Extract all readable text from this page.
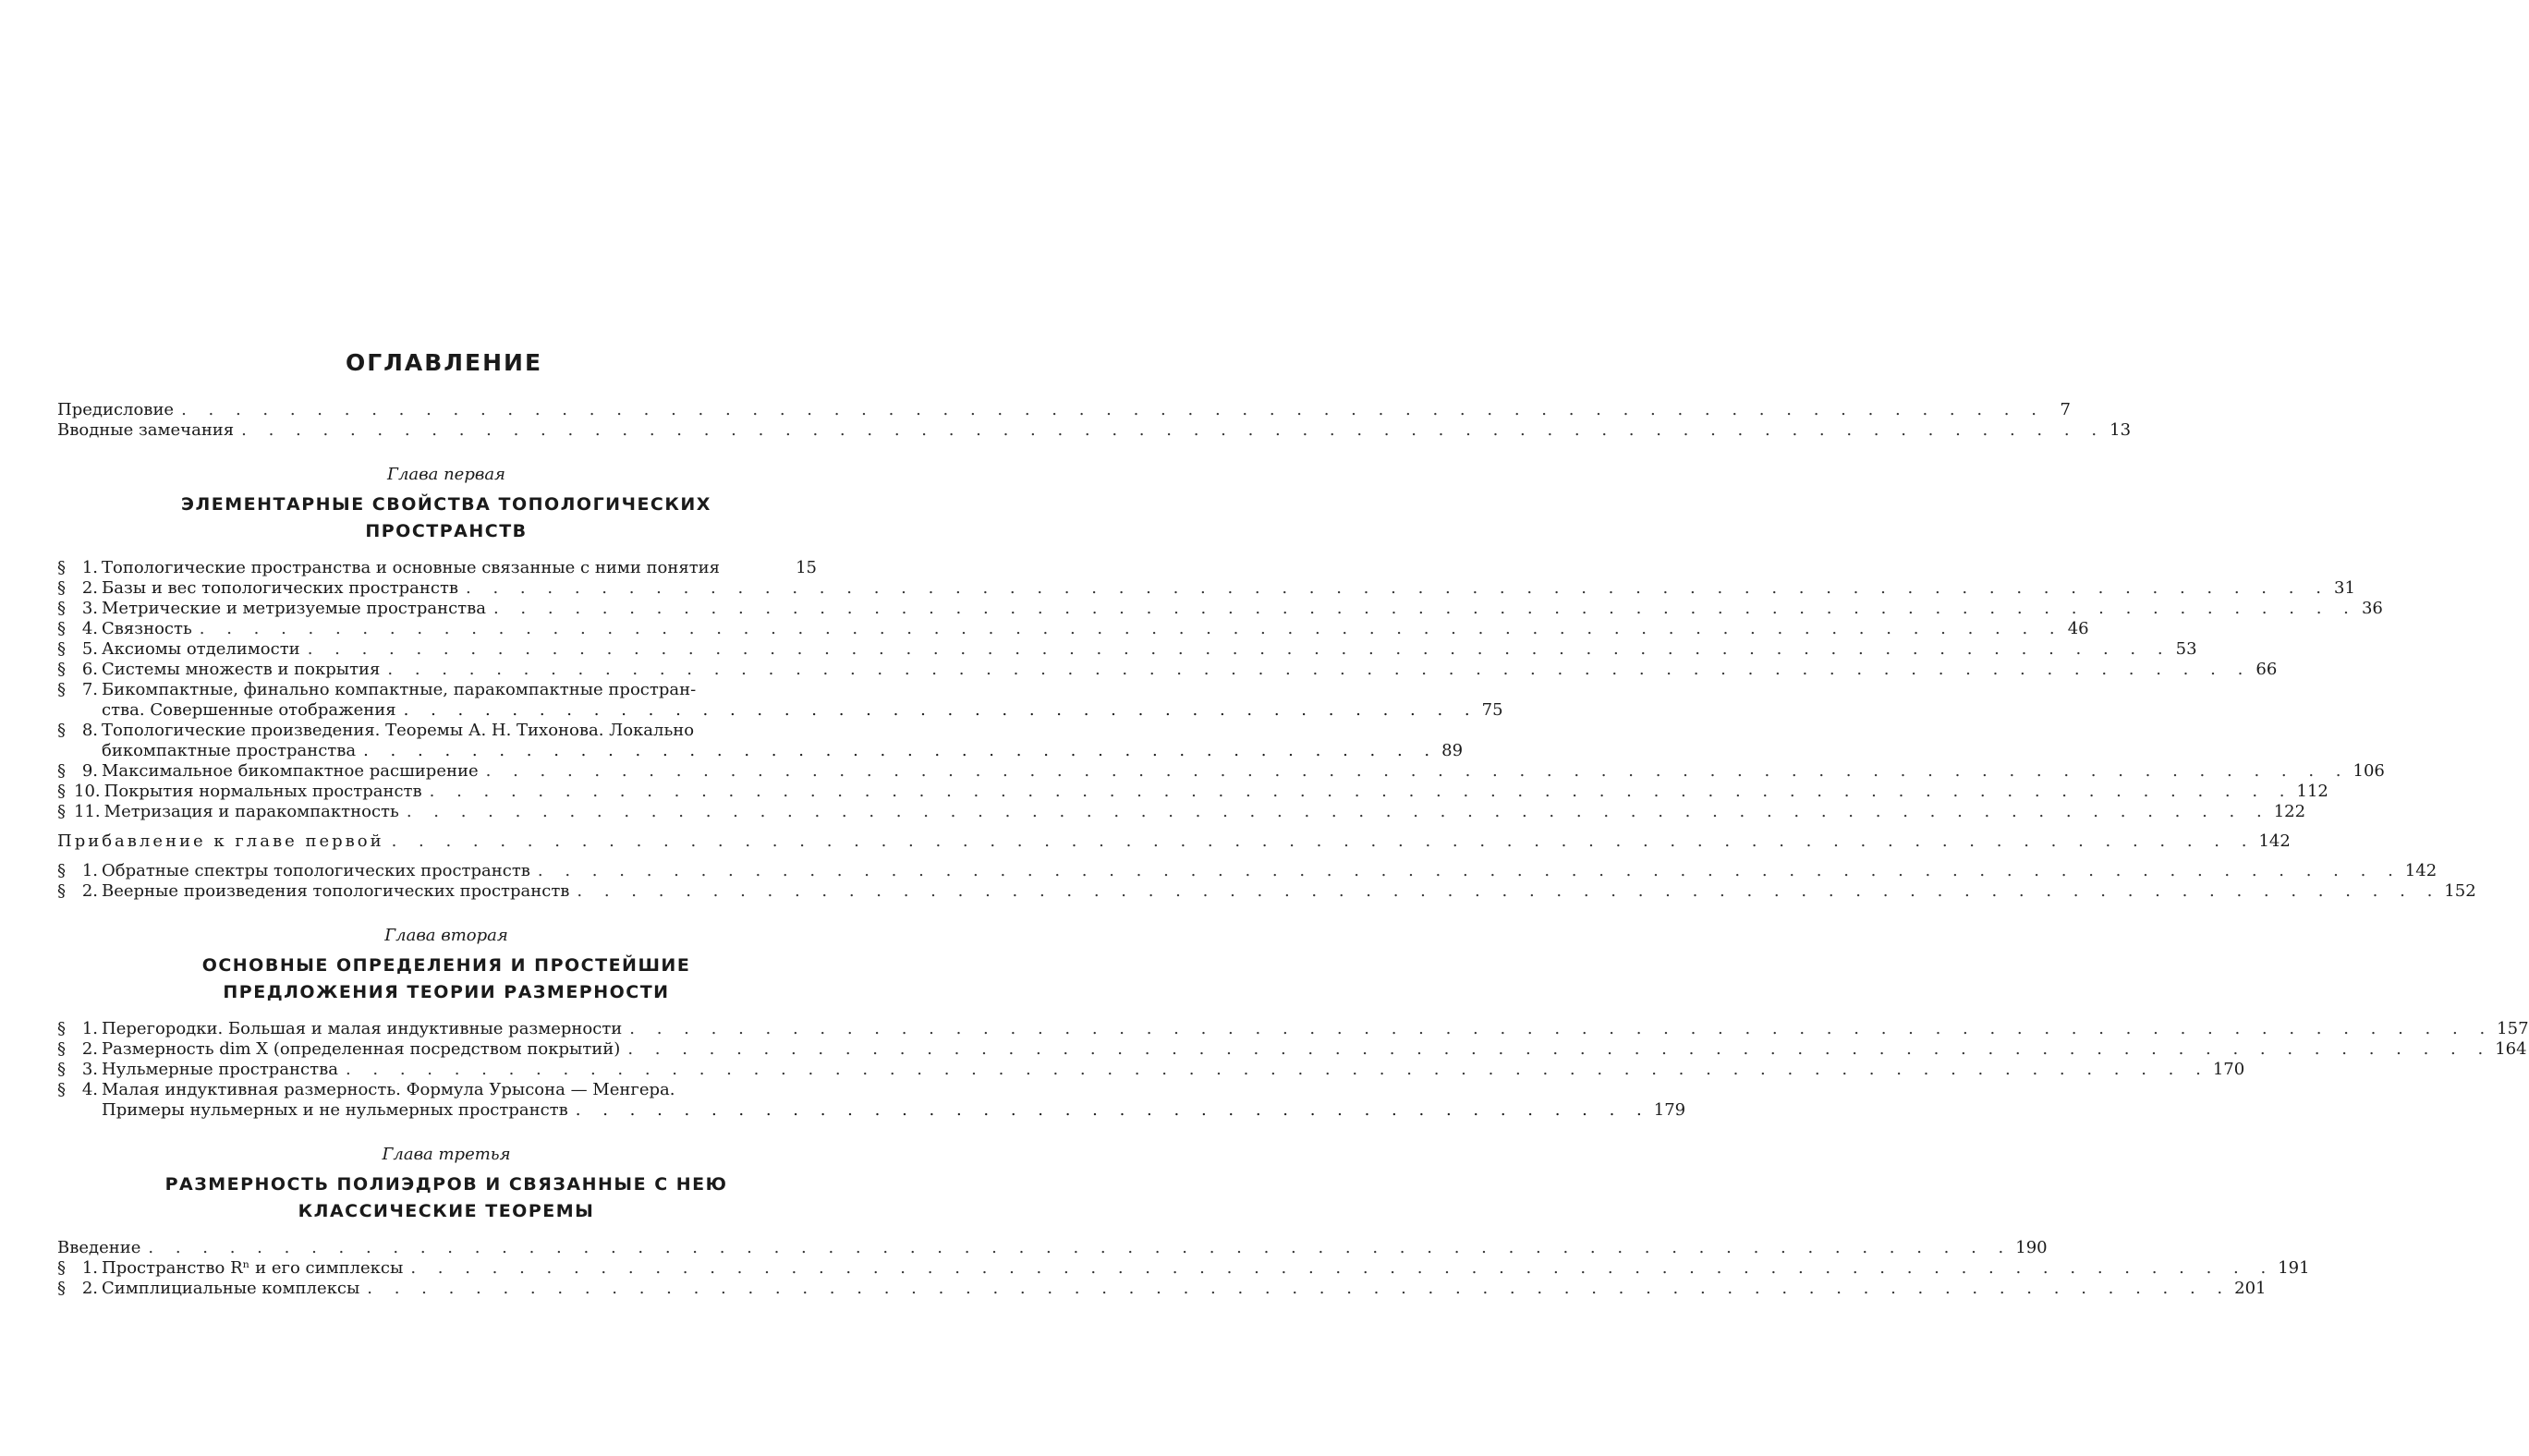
ОГЛАВЛЕНИЕ
Предисловие . . .	7
Вводные замечания . . .	13
Глава первая
ЭЛЕМЕНТАРНЫЕ СВОЙСТВА ТОПОЛОГИЧЕСКИХ
ПРОСТРАНСТВ
§ 1. Топологические пространства и основные связанные с ними понятия	15
§ 2. Базы и вес топологических пространств . . .	31
§ 3. Метрические и метризуемые пространства . . .	36
§ 4. Связность . . .	46
§ 5. Аксиомы отделимости . . .	53
§ 6. Системы множеств и покрытия . . .	66
§ 7. Бикомпактные, финально компактные, паракомпактные простран-
ства. Совершенные отображения . . . . . . . . . . . . . . . . . . . . . . . . . . . . . . . . . . . . . . . . 75
§ 8. Топологические произведения. Теоремы А. Н. Тихонова. Локально
бикомпактные пространства . . . . . . . . . . . . . . . . . . . . . . . . . . . . . . . . . . . . . . . . 89
§ 9. Максимальное бикомпактное расширение . . .	106
§ 10. Покрытия нормальных пространств . . .	112
§ 11. Метризация и паракомпактность . . .	122
Прибавление к главе первой . . .	142
§ 1. Обратные спектры топологических пространств . . .	142
§ 2. Веерные произведения топологических пространств . . .	152
Глава вторая
ОСНОВНЫЕ ОПРЕДЕЛЕНИЯ И ПРОСТЕЙШИЕ
ПРЕДЛОЖЕНИЯ ТЕОРИИ РАЗМЕРНОСТИ
§ 1. Перегородки. Большая и малая индуктивные размерности . . .	157
§ 2. Размерность dim X (определенная посредством покрытий) . . .	164
§ 3. Нульмерные пространства . . .	170
§ 4. Малая индуктивная размерность. Формула Урысона — Менгера.
Примеры нульмерных и не нульмерных пространств . . . . . . . . . . . . . . . . . . . . . . . . . . . . . . . . . . . . . . . . 179
Глава третья
РАЗМЕРНОСТЬ ПОЛИЭДРОВ И СВЯЗАННЫЕ С НЕЮ
КЛАССИЧЕСКИЕ ТЕОРЕМЫ
Введение . . .	190
§ 1. Пространство Rⁿ и его симплексы . . .	191
§ 2. Симплициальные комплексы . . .	201
